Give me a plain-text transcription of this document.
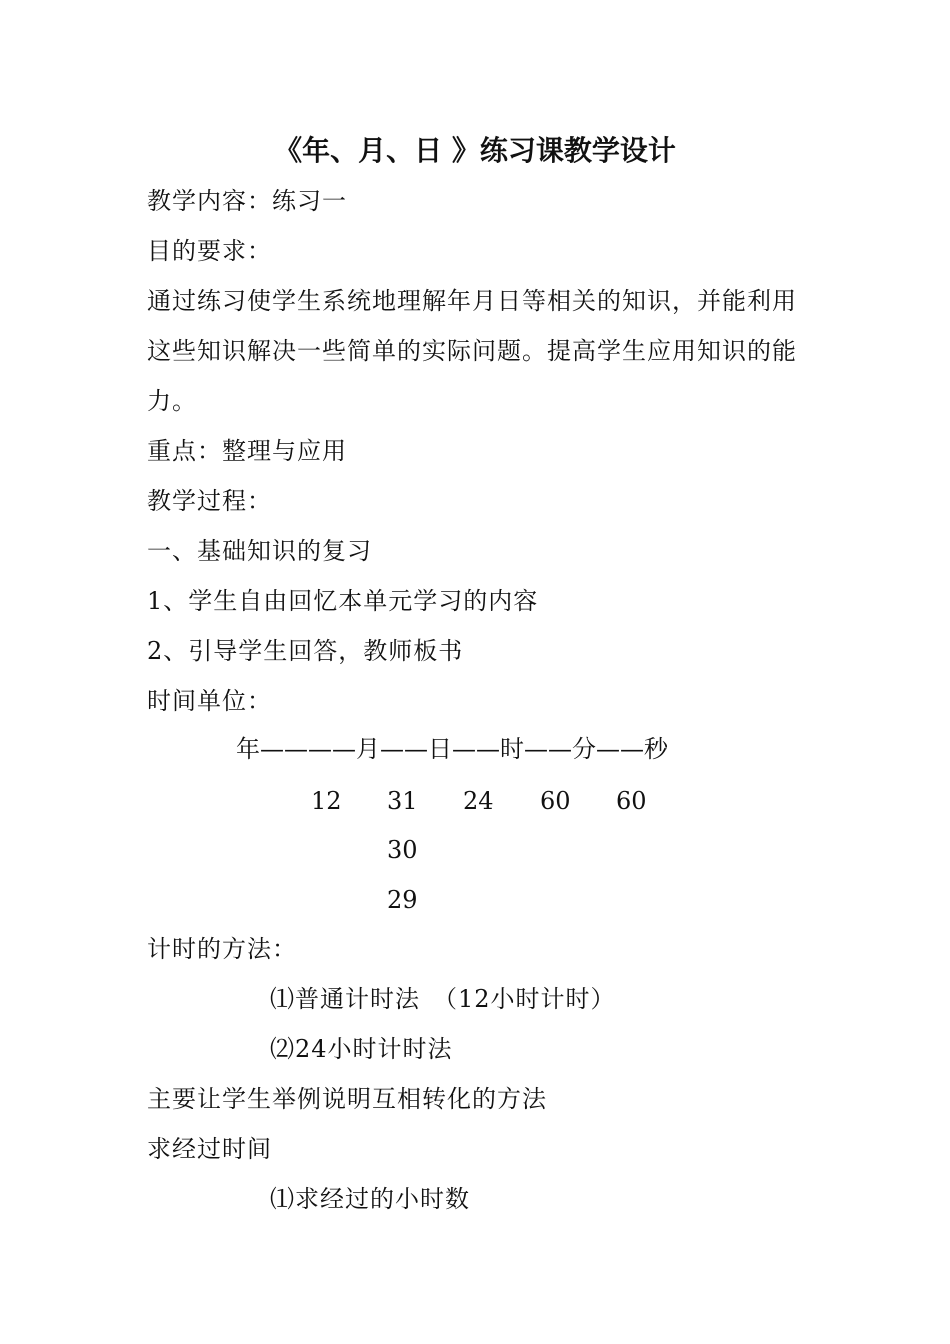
《年、月、日 》练习课教学设计
教学内容：练习一
目的要求：
通过练习使学生系统地理解年月日等相关的知识，并能利用
这些知识解决一些简单的实际问题。提高学生应用知识的能
力。
重点：整理与应用
教学过程：
一、基础知识的复习
1、学生自由回忆本单元学习的内容
2、引导学生回答，教师板书
时间单位：
年————月——日——时——分——秒
12 31 24 60 60
30
29
计时的方法：
⑴普通计时法　（12小时计时）
⑵24小时计时法
主要让学生举例说明互相转化的方法
求经过时间
⑴求经过的小时数
